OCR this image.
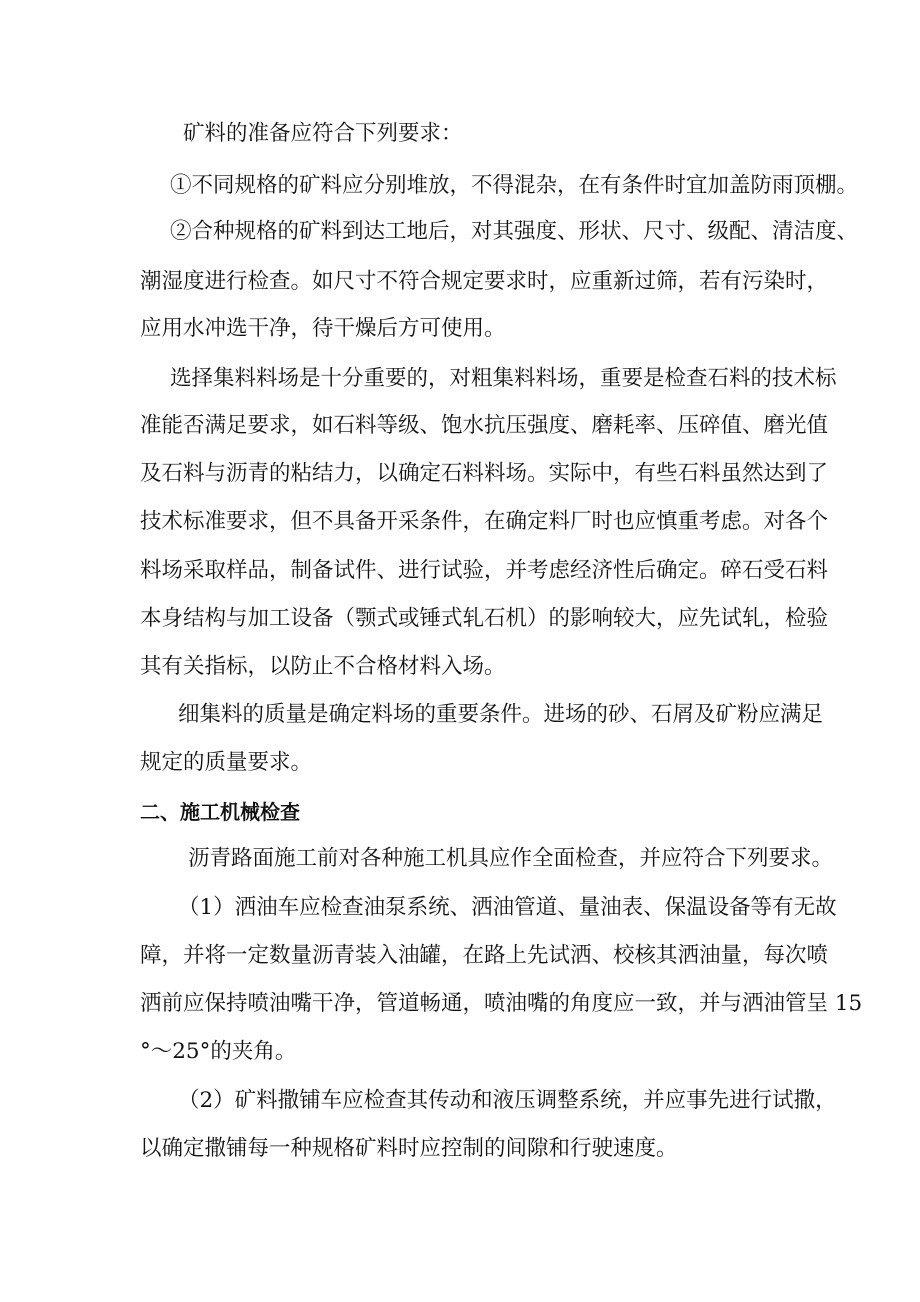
矿料的准备应符合下列要求：
①不同规格的矿料应分别堆放，不得混杂，在有条件时宜加盖防雨顶棚。
②合种规格的矿料到达工地后，对其强度、形状、尺寸、级配、清洁度、
潮湿度进行检查。如尺寸不符合规定要求时，应重新过筛，若有污染时，
应用水冲选干净，待干燥后方可使用。
选择集料料场是十分重要的，对粗集料料场，重要是检查石料的技术标
准能否满足要求，如石料等级、饱水抗压强度、磨耗率、压碎值、磨光值
及石料与沥青的粘结力，以确定石料料场。实际中，有些石料虽然达到了
技术标准要求，但不具备开采条件，在确定料厂时也应慎重考虑。对各个
料场采取样品，制备试件、进行试验，并考虑经济性后确定。碎石受石料
本身结构与加工设备（颚式或锤式轧石机）的影响较大，应先试轧，检验
其有关指标，以防止不合格材料入场。
细集料的质量是确定料场的重要条件。进场的砂、石屑及矿粉应满足
规定的质量要求。
二、施工机械检查
沥青路面施工前对各种施工机具应作全面检查，并应符合下列要求。
（1）洒油车应检查油泵系统、洒油管道、量油表、保温设备等有无故
障，并将一定数量沥青装入油罐，在路上先试洒、校核其洒油量，每次喷
洒前应保持喷油嘴干净，管道畅通，喷油嘴的角度应一致，并与洒油管呈 15
°～25°的夹角。
（2）矿料撒铺车应检查其传动和液压调整系统，并应事先进行试撒，
以确定撒铺每一种规格矿料时应控制的间隙和行驶速度。
